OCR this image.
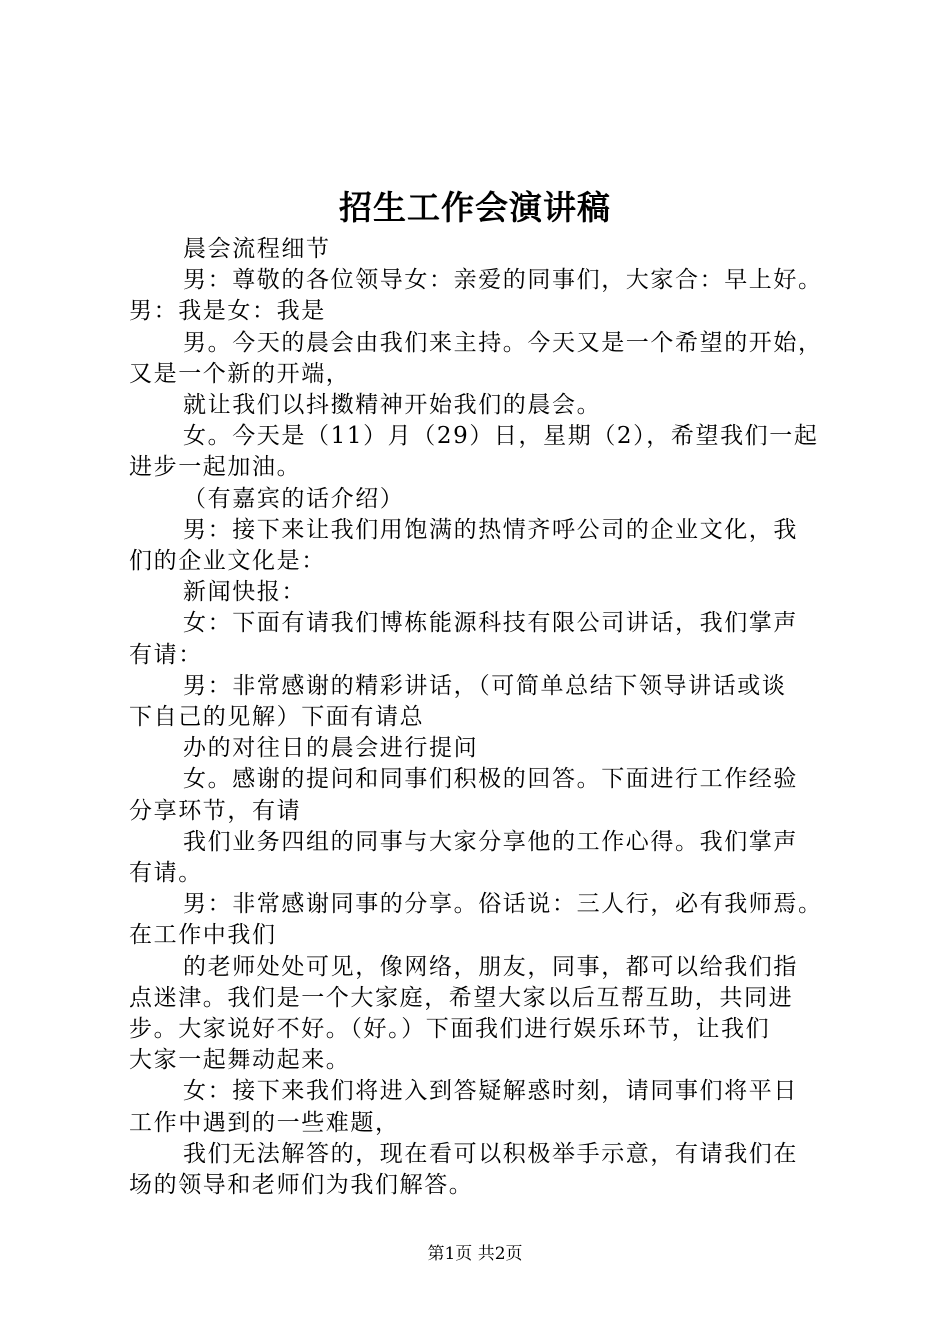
招生工作会演讲稿

晨会流程细节

男：尊敬的各位领导女：亲爱的同事们，大家合：早上好。
男：我是女：我是

男。今天的晨会由我们来主持。今天又是一个希望的开始，
又是一个新的开端，

就让我们以抖擞精神开始我们的晨会。

女。今天是（11）月（29）日，星期（2），希望我们一起
进步一起加油。

（有嘉宾的话介绍）

男：接下来让我们用饱满的热情齐呼公司的企业文化，我
们的企业文化是：

新闻快报：

女：下面有请我们博栋能源科技有限公司讲话，我们掌声
有请：

男：非常感谢的精彩讲话，（可简单总结下领导讲话或谈
下自己的见解）下面有请总

办的对往日的晨会进行提问

女。感谢的提问和同事们积极的回答。下面进行工作经验
分享环节，有请

我们业务四组的同事与大家分享他的工作心得。我们掌声
有请。

男：非常感谢同事的分享。俗话说：三人行，必有我师焉。
在工作中我们

的老师处处可见，像网络，朋友，同事，都可以给我们指
点迷津。我们是一个大家庭，希望大家以后互帮互助，共同进
步。大家说好不好。（好。）下面我们进行娱乐环节，让我们
大家一起舞动起来。

女：接下来我们将进入到答疑解惑时刻，请同事们将平日
工作中遇到的一些难题，

我们无法解答的，现在看可以积极举手示意，有请我们在
场的领导和老师们为我们解答。

第1页 共2页
